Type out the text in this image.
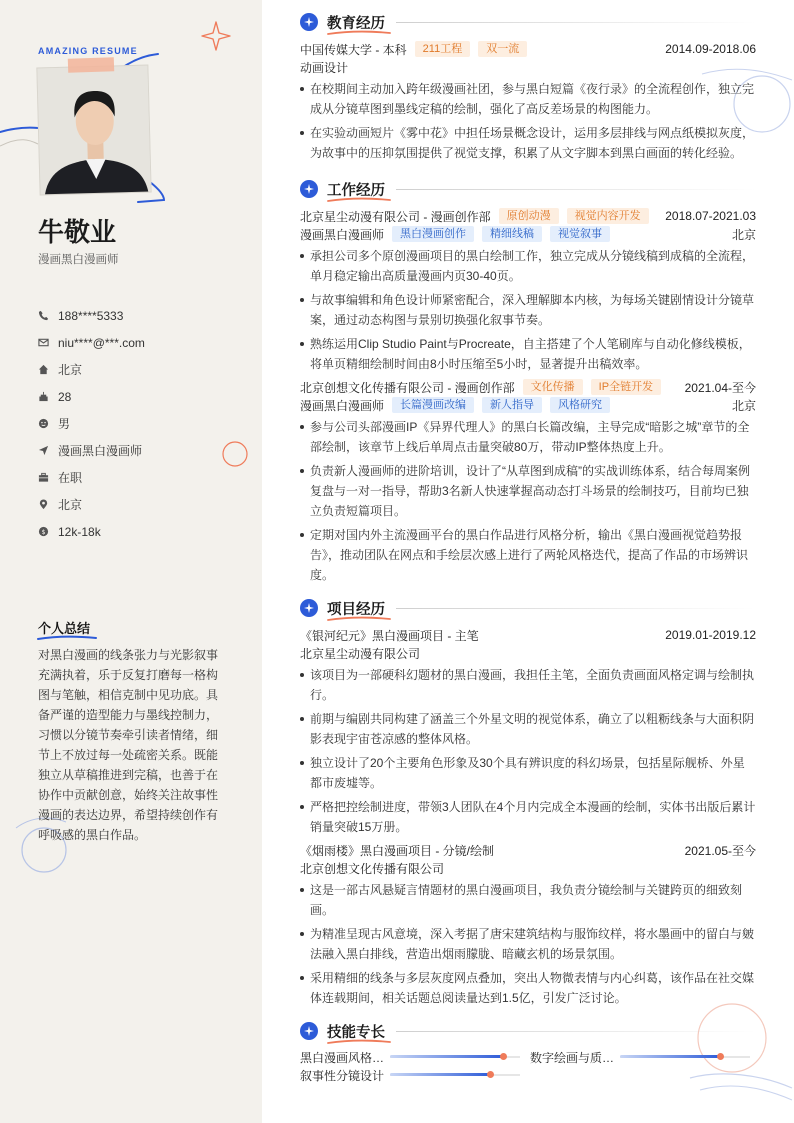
AMAZING RESUME
牛敬业
漫画黑白漫画师
188****5333
niu****@***.com
北京
28
男
漫画黑白漫画师
在职
北京
$ 12k-18k
个人总结
对黑白漫画的线条张力与光影叙事充满执着，乐于反复打磨每一格构图与笔触，相信克制中见功底。具备严谨的造型能力与墨线控制力，习惯以分镜节奏牵引读者情绪，细节上不放过每一处疏密关系。既能独立从草稿推进到完稿，也善于在协作中贡献创意，始终关注故事性漫画的表达边界，希望持续创作有呼吸感的黑白作品。
教育经历
中国传媒大学 - 本科	211工程	双一流	2014.09-2018.06
动画设计
在校期间主动加入跨年级漫画社团，参与黑白短篇《夜行录》的全流程创作，独立完成从分镜草图到墨线定稿的绘制，强化了高反差场景的构图能力。
在实验动画短片《雾中花》中担任场景概念设计，运用多层排线与网点纸模拟灰度，为故事中的压抑氛围提供了视觉支撑，积累了从文字脚本到黑白画面的转化经验。
工作经历
北京星尘动漫有限公司 - 漫画创作部	原创动漫	视觉内容开发	2018.07-2021.03
漫画黑白漫画师	黑白漫画创作	精细线稿	视觉叙事	北京
承担公司多个原创漫画项目的黑白绘制工作，独立完成从分镜线稿到成稿的全流程，单月稳定输出高质量漫画内页30-40页。
与故事编辑和角色设计师紧密配合，深入理解脚本内核，为每场关键剧情设计分镜草案，通过动态构图与景别切换强化叙事节奏。
熟练运用Clip Studio Paint与Procreate，自主搭建了个人笔刷库与自动化修线模板，将单页精细绘制时间由8小时压缩至5小时，显著提升出稿效率。
北京创想文化传播有限公司 - 漫画创作部	文化传播	IP全链开发	2021.04-至今
漫画黑白漫画师	长篇漫画改编	新人指导	风格研究	北京
参与公司头部漫画IP《异界代理人》的黑白长篇改编，主导完成“暗影之城”章节的全部绘制，该章节上线后单周点击量突破80万，带动IP整体热度上升。
负责新人漫画师的进阶培训，设计了“从草图到成稿”的实战训练体系，结合每周案例复盘与一对一指导，帮助3名新人快速掌握高动态打斗场景的绘制技巧，目前均已独立负责短篇项目。
定期对国内外主流漫画平台的黑白作品进行风格分析，输出《黑白漫画视觉趋势报告》，推动团队在网点和手绘层次感上进行了两轮风格迭代，提高了作品的市场辨识度。
项目经历
《银河纪元》黑白漫画项目 - 主笔	2019.01-2019.12
北京星尘动漫有限公司
该项目为一部硬科幻题材的黑白漫画，我担任主笔，全面负责画面风格定调与绘制执行。
前期与编剧共同构建了涵盖三个外星文明的视觉体系，确立了以粗粝线条与大面积阴影表现宇宙苍凉感的整体风格。
独立设计了20个主要角色形象及30个具有辨识度的科幻场景，包括星际舰桥、外星都市废墟等。
严格把控绘制进度，带领3人团队在4个月内完成全本漫画的绘制，实体书出版后累计销量突破15万册。
《烟雨楼》黑白漫画项目 - 分镜/绘制	2021.05-至今
北京创想文化传播有限公司
这是一部古风悬疑言情题材的黑白漫画项目，我负责分镜绘制与关键跨页的细致刻画。
为精准呈现古风意境，深入考据了唐宋建筑结构与服饰纹样，将水墨画中的留白与皴法融入黑白排线，营造出烟雨朦胧、暗藏玄机的场景氛围。
采用精细的线条与多层灰度网点叠加，突出人物微表情与内心纠葛，该作品在社交媒体连载期间，相关话题总阅读量达到1.5亿，引发广泛讨论。
技能专长
黑白漫画风格…	数字绘画与质…
叙事性分镜设计
